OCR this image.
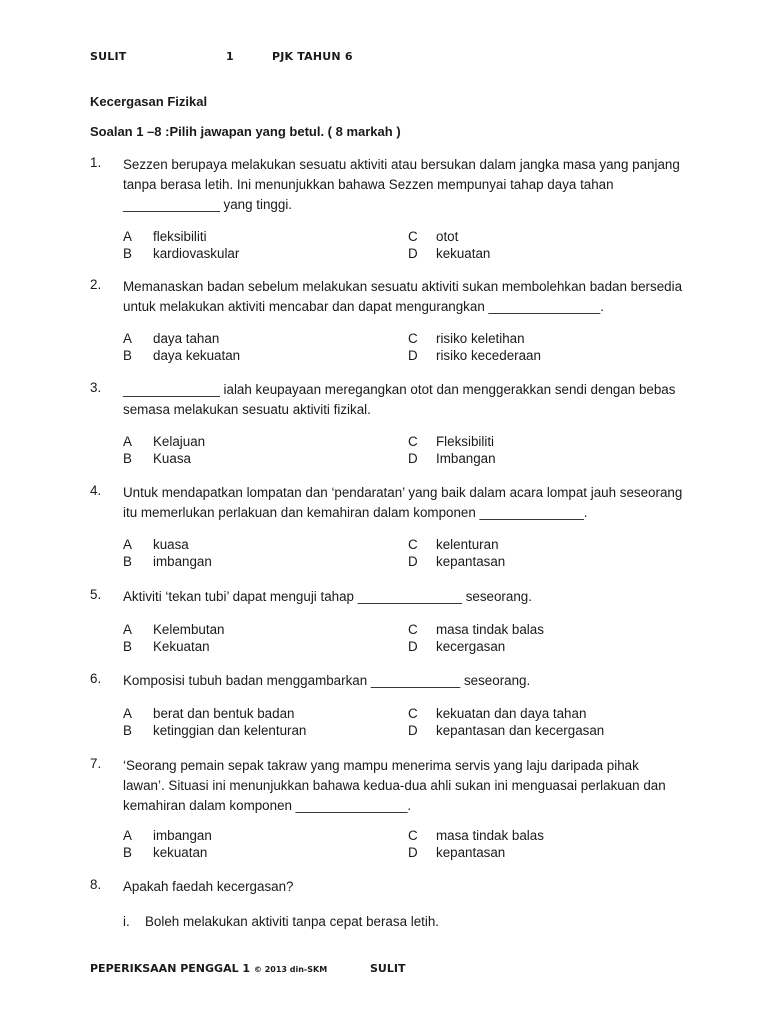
SULIT	1	PJK TAHUN 6
Kecergasan Fizikal
Soalan 1 –8 :Pilih jawapan yang betul. ( 8 markah )
1. Sezzen berupaya melakukan sesuatu aktiviti atau bersukan dalam jangka masa yang panjang tanpa berasa letih. Ini menunjukkan bahawa Sezzen mempunyai tahap daya tahan _____________ yang tinggi.
A fleksibiliti
B kardiovaskular
C otot
D kekuatan
2. Memanaskan badan sebelum melakukan sesuatu aktiviti sukan membolehkan badan bersedia untuk melakukan aktiviti mencabar dan dapat mengurangkan _______________.
A daya tahan
B daya kekuatan
C risiko keletihan
D risiko kecederaan
3. _____________ ialah keupayaan meregangkan otot dan menggerakkan sendi dengan bebas semasa melakukan sesuatu aktiviti fizikal.
A Kelajuan
B Kuasa
C Fleksibiliti
D Imbangan
4. Untuk mendapatkan lompatan dan ‘pendaratan’ yang baik dalam acara lompat jauh seseorang itu memerlukan perlakuan dan kemahiran dalam komponen ______________.
A kuasa
B imbangan
C kelenturan
D kepantasan
5. Aktiviti ‘tekan tubi’ dapat menguji tahap ______________ seseorang.
A Kelembutan
B Kekuatan
C masa tindak balas
D kecergasan
6. Komposisi tubuh badan menggambarkan ____________ seseorang.
A berat dan bentuk badan
B ketinggian dan kelenturan
C kekuatan dan daya tahan
D kepantasan dan kecergasan
7. ‘Seorang pemain sepak takraw yang mampu menerima servis yang laju daripada pihak lawan’. Situasi ini menunjukkan bahawa kedua-dua ahli sukan ini menguasai perlakuan dan kemahiran dalam komponen _______________.
A imbangan
B kekuatan
C masa tindak balas
D kepantasan
8. Apakah faedah kecergasan?
i. Boleh melakukan aktiviti tanpa cepat berasa letih.
PEPERIKSAAN PENGGAL 1 © 2013 din-SKM	SULIT
